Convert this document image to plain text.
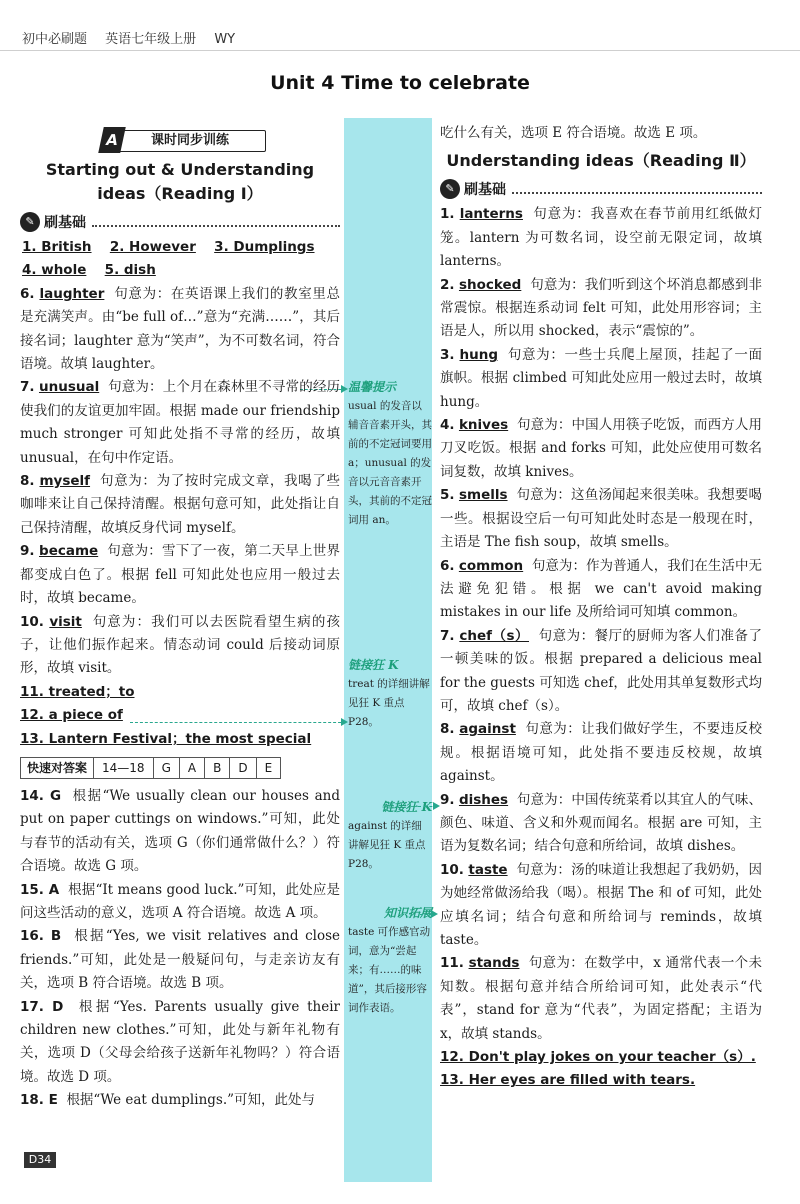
初中必刷题 英语七年级上册 WY
Unit 4 Time to celebrate
温馨提示
usual 的发音以辅音音素开头，其前的不定冠词要用 a；unusual 的发音以元音音素开头，其前的不定冠词用 an。
链接狂 K
treat 的详细讲解见狂 K 重点 P28。
链接狂 K
against 的详细讲解见狂 K 重点 P28。
知识拓展
taste 可作感官动词，意为“尝起来；有……的味道”，其后接形容词作表语。
A	课时同步训练
Starting out & Understanding
ideas（Reading Ⅰ）
✎ 刷基础

1. British 2. However 3. Dumplings

4. whole 5. dish

6. laughter 句意为：在英语课上我们的教室里总是充满笑声。由“be full of…”意为“充满……”，其后接名词；laughter 意为“笑声”，为不可数名词，符合语境。故填 laughter。

7. unusual 句意为：上个月在森林里不寻常的经历使我们的友谊更加牢固。根据 made our friendship much stronger 可知此处指不寻常的经历，故填 unusual，在句中作定语。

8. myself 句意为：为了按时完成文章，我喝了些咖啡来让自己保持清醒。根据句意可知，此处指让自己保持清醒，故填反身代词 myself。

9. became 句意为：雪下了一夜，第二天早上世界都变成白色了。根据 fell 可知此处也应用一般过去时，故填 became。

10. visit 句意为：我们可以去医院看望生病的孩子，让他们振作起来。情态动词 could 后接动词原形，故填 visit。

11. treated；to

12. a piece of

13. Lantern Festival；the most special

快速对答案	14—18	G	A	B	D	E

14. G 根据“We usually clean our houses and put on paper cuttings on windows.”可知，此处与春节的活动有关，选项 G（你们通常做什么？）符合语境。故选 G 项。

15. A 根据“It means good luck.”可知，此处应是问这些活动的意义，选项 A 符合语境。故选 A 项。

16. B 根据“Yes, we visit relatives and close friends.”可知，此处是一般疑问句，与走亲访友有关，选项 B 符合语境。故选 B 项。

17. D 根据“Yes. Parents usually give their children new clothes.”可知，此处与新年礼物有关，选项 D（父母会给孩子送新年礼物吗？）符合语境。故选 D 项。

18. E 根据“We eat dumplings.”可知，此处与

吃什么有关，选项 E 符合语境。故选 E 项。

Understanding ideas（Reading Ⅱ）
✎ 刷基础

1. lanterns 句意为：我喜欢在春节前用红纸做灯笼。lantern 为可数名词，设空前无限定词，故填 lanterns。

2. shocked 句意为：我们听到这个坏消息都感到非常震惊。根据连系动词 felt 可知，此处用形容词；主语是人，所以用 shocked，表示“震惊的”。

3. hung 句意为：一些士兵爬上屋顶，挂起了一面旗帜。根据 climbed 可知此处应用一般过去时，故填 hung。

4. knives 句意为：中国人用筷子吃饭，而西方人用刀叉吃饭。根据 and forks 可知，此处应使用可数名词复数，故填 knives。

5. smells 句意为：这鱼汤闻起来很美味。我想要喝一些。根据设空后一句可知此处时态是一般现在时，主语是 The fish soup，故填 smells。

6. common 句意为：作为普通人，我们在生活中无法避免犯错。根据 we can't avoid making mistakes in our life 及所给词可知填 common。

7. chef（s） 句意为：餐厅的厨师为客人们准备了一顿美味的饭。根据 prepared a delicious meal for the guests 可知选 chef，此处用其单复数形式均可，故填 chef（s）。

8. against 句意为：让我们做好学生，不要违反校规。根据语境可知，此处指不要违反校规，故填 against。

9. dishes 句意为：中国传统菜肴以其宜人的气味、颜色、味道、含义和外观而闻名。根据 are 可知，主语为复数名词；结合句意和所给词，故填 dishes。

10. taste 句意为：汤的味道让我想起了我奶奶，因为她经常做汤给我（喝）。根据 The 和 of 可知，此处应填名词；结合句意和所给词与 reminds，故填 taste。

11. stands 句意为：在数学中，x 通常代表一个未知数。根据句意并结合所给词可知，此处表示“代表”，stand for 意为“代表”，为固定搭配；主语为 x，故填 stands。

12. Don't play jokes on your teacher（s）.

13. Her eyes are filled with tears.

D34
